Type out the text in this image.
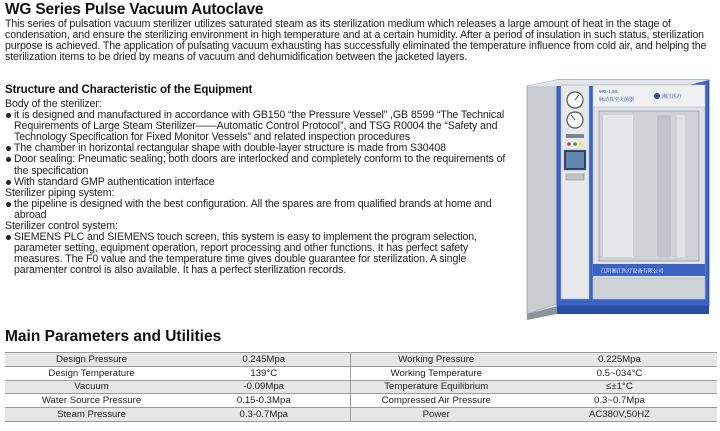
WG Series Pulse Vacuum Autoclave

This series of pulsation vacuum sterilizer utilizes saturated steam as its sterilization medium which releases a large amount of heat in the stage of condensation, and ensure the sterilizing environment in high temperature and at a certain humidity. After a period of insulation in such status, sterilization purpose is achieved. The application of pulsating vacuum exhausting has successfully eliminated the temperature influence from cold air, and helping the sterilization items to be dried by means of vacuum and dehumidification between the jacketed layers.

Structure and Characteristic of the Equipment

Body of the sterilizer:

it is designed and manufactured in accordance with GB150 “the Pressure Vessel” ,GB 8599 “The Technical Requirements of Large Steam Sterilizer——Automatic Control Protocol”, and TSG R0004 the “Safety and Technology Specification for Fixed Monitor Vessels” and related inspection procedures
The chamber in horizontal rectangular shape with double-layer structure is made from S30408
Door sealing: Pneumatic sealing; both doors are interlocked and completely conform to the requirements of the specification
With standard GMP authentication interface

Sterilizer piping system:

the pipeline is designed with the best configuration. All the spares are from qualified brands at home and abroad

Sterilizer control system:

SIEMENS PLC and SIEMENS touch screen, this system is easy to implement the program selection, parameter setting, equipment operation, report processing and other functions. It has perfect safety measures. The F0 value and the temperature time gives double guarantee for sterilization. A single paramenter control is also available. It has a perfect sterilization records.
WG-1.5S
脉动真空灭菌器	湘江医疗
江阴湘江医疗设备有限公司
Main Parameters and Utilities
Design Pressure	0.245Mpa	Working Pressure	0.225Mpa
Design Temperature	139°C	Working Temperature	0.5~034°C
Vacuum	-0.09Mpa	Temperature Equilibrium	≤±1°C
Water Source Pressure	0.15-0.3Mpa	Compressed Air Pressure	0.3~0.7Mpa
Steam Pressure	0.3-0.7Mpa	Power	AC380V,50HZ
